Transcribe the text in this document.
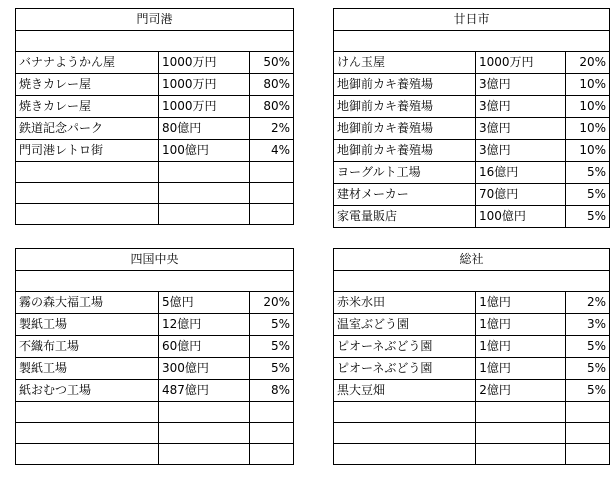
門司港		

バナナようかん屋	1000万円	50%
焼きカレー屋	1000万円	80%
焼きカレー屋	1000万円	80%
鉄道記念パーク	80億円	2%
門司港レトロ街	100億円	4%

廿日市		

けん玉屋	1000万円	20%
地御前カキ養殖場	3億円	10%
地御前カキ養殖場	3億円	10%
地御前カキ養殖場	3億円	10%
地御前カキ養殖場	3億円	10%
ヨーグルト工場	16億円	5%
建材メーカー	70億円	5%
家電量販店	100億円	5%
四国中央		

霧の森大福工場	5億円	20%
製紙工場	12億円	5%
不織布工場	60億円	5%
製紙工場	300億円	5%
紙おむつ工場	487億円	8%

総社		

赤米水田	1億円	2%
温室ぶどう園	1億円	3%
ピオーネぶどう園	1億円	5%
ピオーネぶどう園	1億円	5%
黒大豆畑	2億円	5%
